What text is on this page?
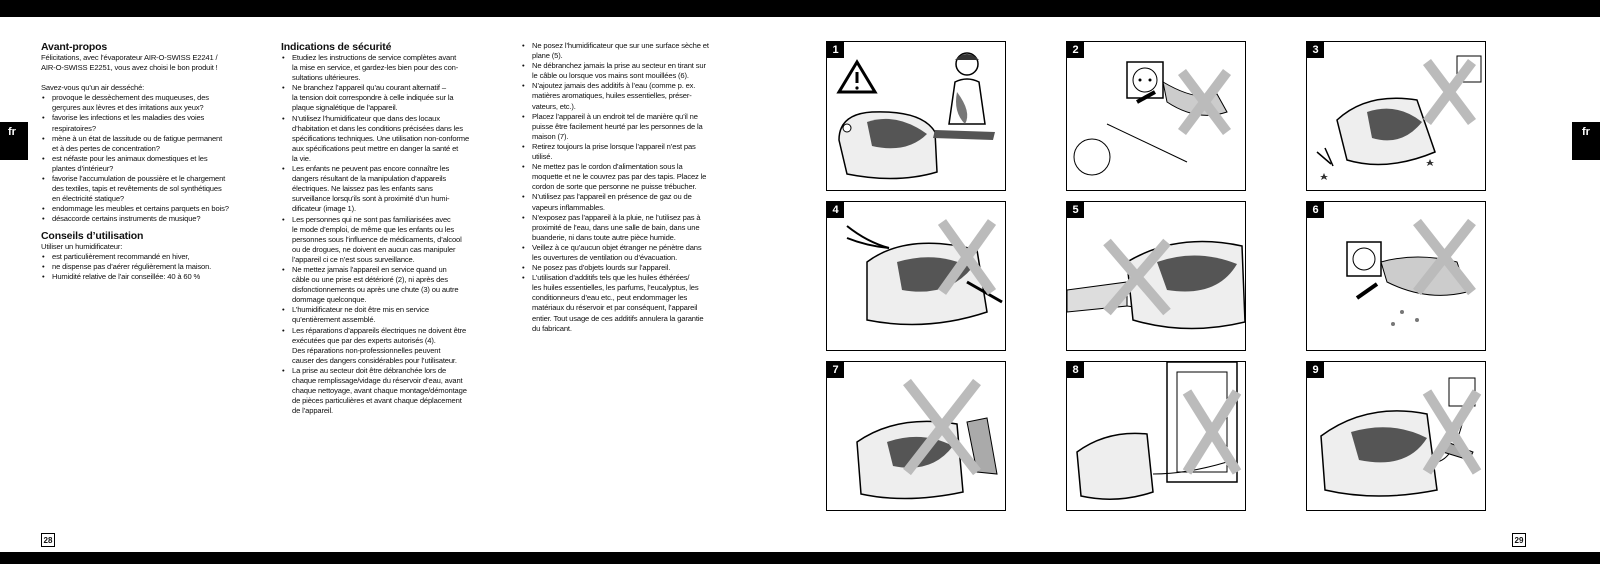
fr	fr
28	29
Avant-propos

Félicitations, avec l’évaporateur AIR-O-SWISS E2241 /
AIR-O-SWISS E2251, vous avez choisi le bon produit !

Savez-vous qu’un air desséché:

• provoque le dessèchement des muqueuses, des
gerçures aux lèvres et des irritations aux yeux?
• favorise les infections et les maladies des voies
respiratoires?
• mène à un état de lassitude ou de fatigue permanent
et à des pertes de concentration?
• est néfaste pour les animaux domestiques et les
plantes d’intérieur?
• favorise l’accumulation de poussière et le chargement
des textiles, tapis et revêtements de sol synthétiques
en électricité statique?
• endommage les meubles et certains parquets en bois?
• désaccorde certains instruments de musique?
Conseils d’utilisation

Utiliser un humidificateur:

• est particulièrement recommandé en hiver,
• ne dispense pas d’aérer régulièrement la maison.
• Humidité relative de l’air conseillée: 40 à 60 %
Indications de sécurité
• Etudiez les instructions de service complètes avant
la mise en service, et gardez-les bien pour des con-
sultations ultérieures.
• Ne branchez l’appareil qu’au courant alternatif –
la tension doit correspondre à celle indiquée sur la
plaque signalétique de l’appareil.
• N’utilisez l’humidificateur que dans des locaux
d’habitation et dans les conditions précisées dans les
spécifications techniques. Une utilisation non-conforme
aux spécifications peut mettre en danger la santé et
la vie.
• Les enfants ne peuvent pas encore connaître les
dangers résultant de la manipulation d’appareils
électriques. Ne laissez pas les enfants sans
surveillance lorsqu’ils sont à proximité d’un humi-
dificateur (image 1).
• Les personnes qui ne sont pas familiarisées avec
le mode d’emploi, de même que les enfants ou les
personnes sous l’influence de médicaments, d’alcool
ou de drogues, ne doivent en aucun cas manipuler
l’appareil ci ce n’est sous surveillance.
• Ne mettez jamais l’appareil en service quand un
câble ou une prise est détérioré (2), ni après des
disfonctionnements ou après une chute (3) ou autre
dommage quelconque.
• L’humidificateur ne doit être mis en service
qu’entièrement assemblé.
• Les réparations d’appareils électriques ne doivent être
exécutées que par des experts autorisés (4).
Des réparations non-professionnelles peuvent
causer des dangers considérables pour l’utilisateur.
• La prise au secteur doit être débranchée lors de
chaque remplissage/vidage du réservoir d’eau, avant
chaque nettoyage, avant chaque montage/démontage
de pièces particulières et avant chaque déplacement
de l’appareil.
• Ne posez l’humidificateur que sur une surface sèche et
plane (5).
• Ne débranchez jamais la prise au secteur en tirant sur
le câble ou lorsque vos mains sont mouillées (6).
• N’ajoutez jamais des additifs à l’eau (comme p. ex.
matières aromatiques, huiles essentielles, préser-
vateurs, etc.).
• Placez l’appareil à un endroit tel de manière qu’il ne
puisse être facilement heurté par les personnes de la
maison (7).
• Retirez toujours la prise lorsque l’appareil n’est pas
utilisé.
• Ne mettez pas le cordon d’alimentation sous la
moquette et ne le couvrez pas par des tapis. Placez le
cordon de sorte que personne ne puisse trébucher.
• N’utilisez pas l’appareil en présence de gaz ou de
vapeurs inflammables.
• N’exposez pas l’appareil à la pluie, ne l’utilisez pas à
proximité de l’eau, dans une salle de bain, dans une
buanderie, ni dans toute autre pièce humide.
• Veillez à ce qu’aucun objet étranger ne pénètre dans
les ouvertures de ventilation ou d’évacuation.
• Ne posez pas d’objets lourds sur l’appareil.
• L’utilisation d’additifs tels que les huiles éthérées/
les huiles essentielles, les parfums, l’eucalyptus, les
conditionneurs d’eau etc., peut endommager les
matériaux du réservoir et par conséquent, l’appareil
entier. Tout usage de ces additifs annulera la garantie
du fabricant.
1	2	3
4	5	6
7	8	9
